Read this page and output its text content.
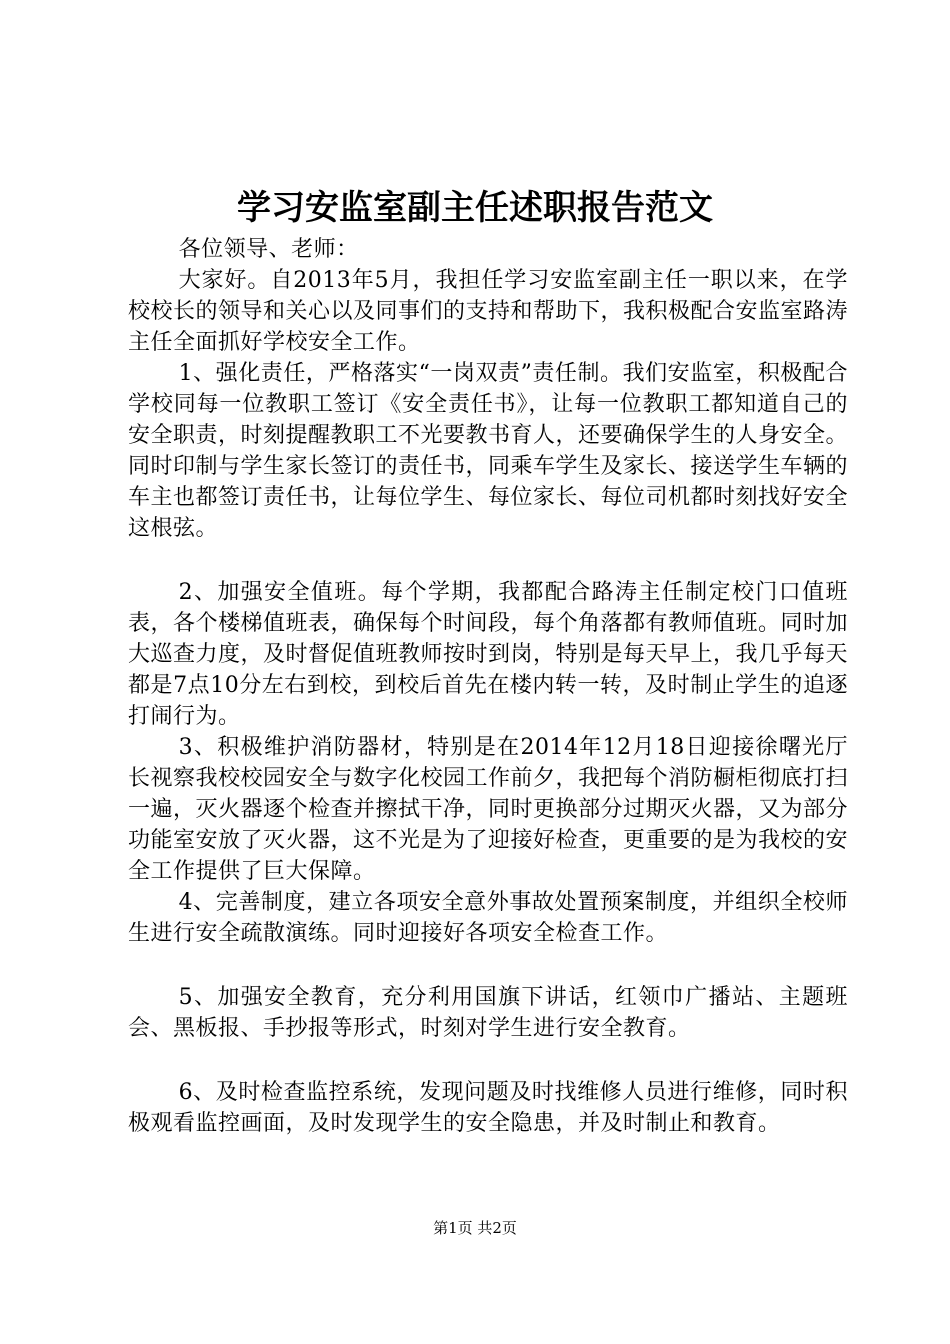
学习安监室副主任述职报告范文

各位领导、老师：

大家好。自2013年5月，我担任学习安监室副主任一职以来，在学校校长的领导和关心以及同事们的支持和帮助下，我积极配合安监室路涛主任全面抓好学校安全工作。

1、强化责任，严格落实“一岗双责”责任制。我们安监室，积极配合学校同每一位教职工签订《安全责任书》，让每一位教职工都知道自己的安全职责，时刻提醒教职工不光要教书育人，还要确保学生的人身安全。同时印制与学生家长签订的责任书，同乘车学生及家长、接送学生车辆的车主也都签订责任书，让每位学生、每位家长、每位司机都时刻找好安全这根弦。

2、加强安全值班。每个学期，我都配合路涛主任制定校门口值班表，各个楼梯值班表，确保每个时间段，每个角落都有教师值班。同时加大巡查力度，及时督促值班教师按时到岗，特别是每天早上，我几乎每天都是7点10分左右到校，到校后首先在楼内转一转，及时制止学生的追逐打闹行为。

3、积极维护消防器材，特别是在2014年12月18日迎接徐曙光厅长视察我校校园安全与数字化校园工作前夕，我把每个消防橱柜彻底打扫一遍，灭火器逐个检查并擦拭干净，同时更换部分过期灭火器，又为部分功能室安放了灭火器，这不光是为了迎接好检查，更重要的是为我校的安全工作提供了巨大保障。

4、完善制度，建立各项安全意外事故处置预案制度，并组织全校师生进行安全疏散演练。同时迎接好各项安全检查工作。

5、加强安全教育，充分利用国旗下讲话，红领巾广播站、主题班会、黑板报、手抄报等形式，时刻对学生进行安全教育。

6、及时检查监控系统，发现问题及时找维修人员进行维修，同时积极观看监控画面，及时发现学生的安全隐患，并及时制止和教育。

第1页 共2页
